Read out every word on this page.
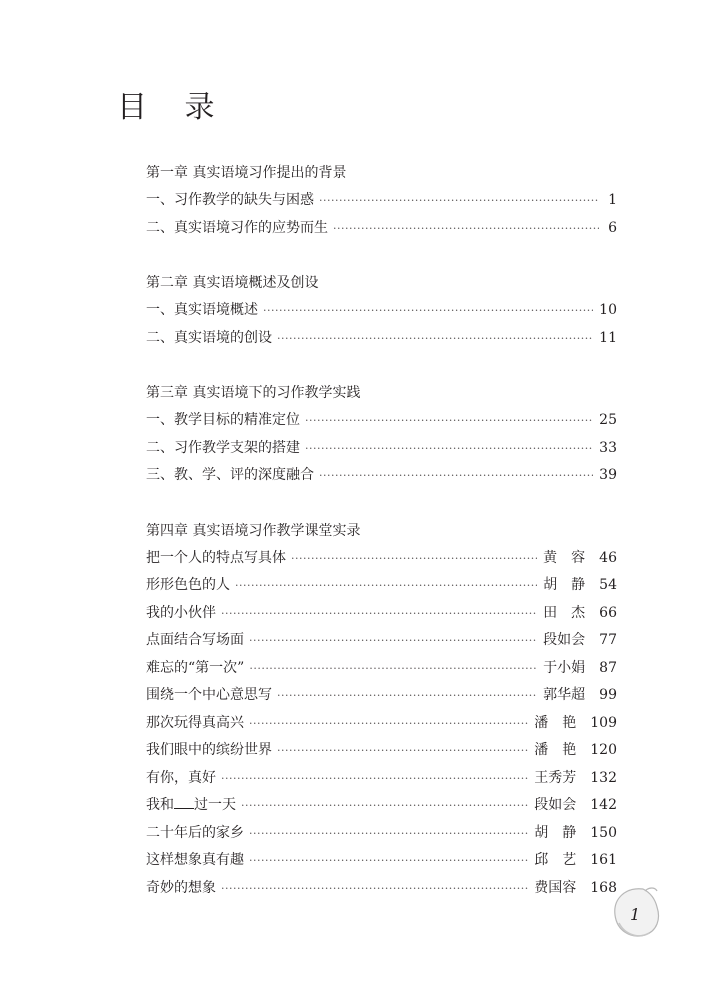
目 录
第一章 真实语境习作提出的背景
一、习作教学的缺失与困惑 ·····	1
二、真实语境习作的应势而生 ·····	6
第二章 真实语境概述及创设
一、真实语境概述 ·····	10
二、真实语境的创设 ·····	11
第三章 真实语境下的习作教学实践
一、教学目标的精准定位 ·····	25
二、习作教学支架的搭建 ·····	33
三、教、学、评的深度融合 ·····	39
第四章 真实语境习作教学课堂实录
把一个人的特点写具体 ·····	黄　容	46
形形色色的人 ·····	胡　静	54
我的小伙伴 ·····	田　杰	66
点面结合写场面 ·····	段如会	77
难忘的“第一次” ·····	于小娟	87
围绕一个中心意思写 ·····	郭华超	99
那次玩得真高兴 ·····	潘　艳	109
我们眼中的缤纷世界 ·····	潘　艳	120
有你，真好 ·····	王秀芳	132
我和 过一天 ·····	段如会	142
二十年后的家乡 ·····	胡　静	150
这样想象真有趣 ·····	邱　艺	161
奇妙的想象 ·····	费国容	168
1
